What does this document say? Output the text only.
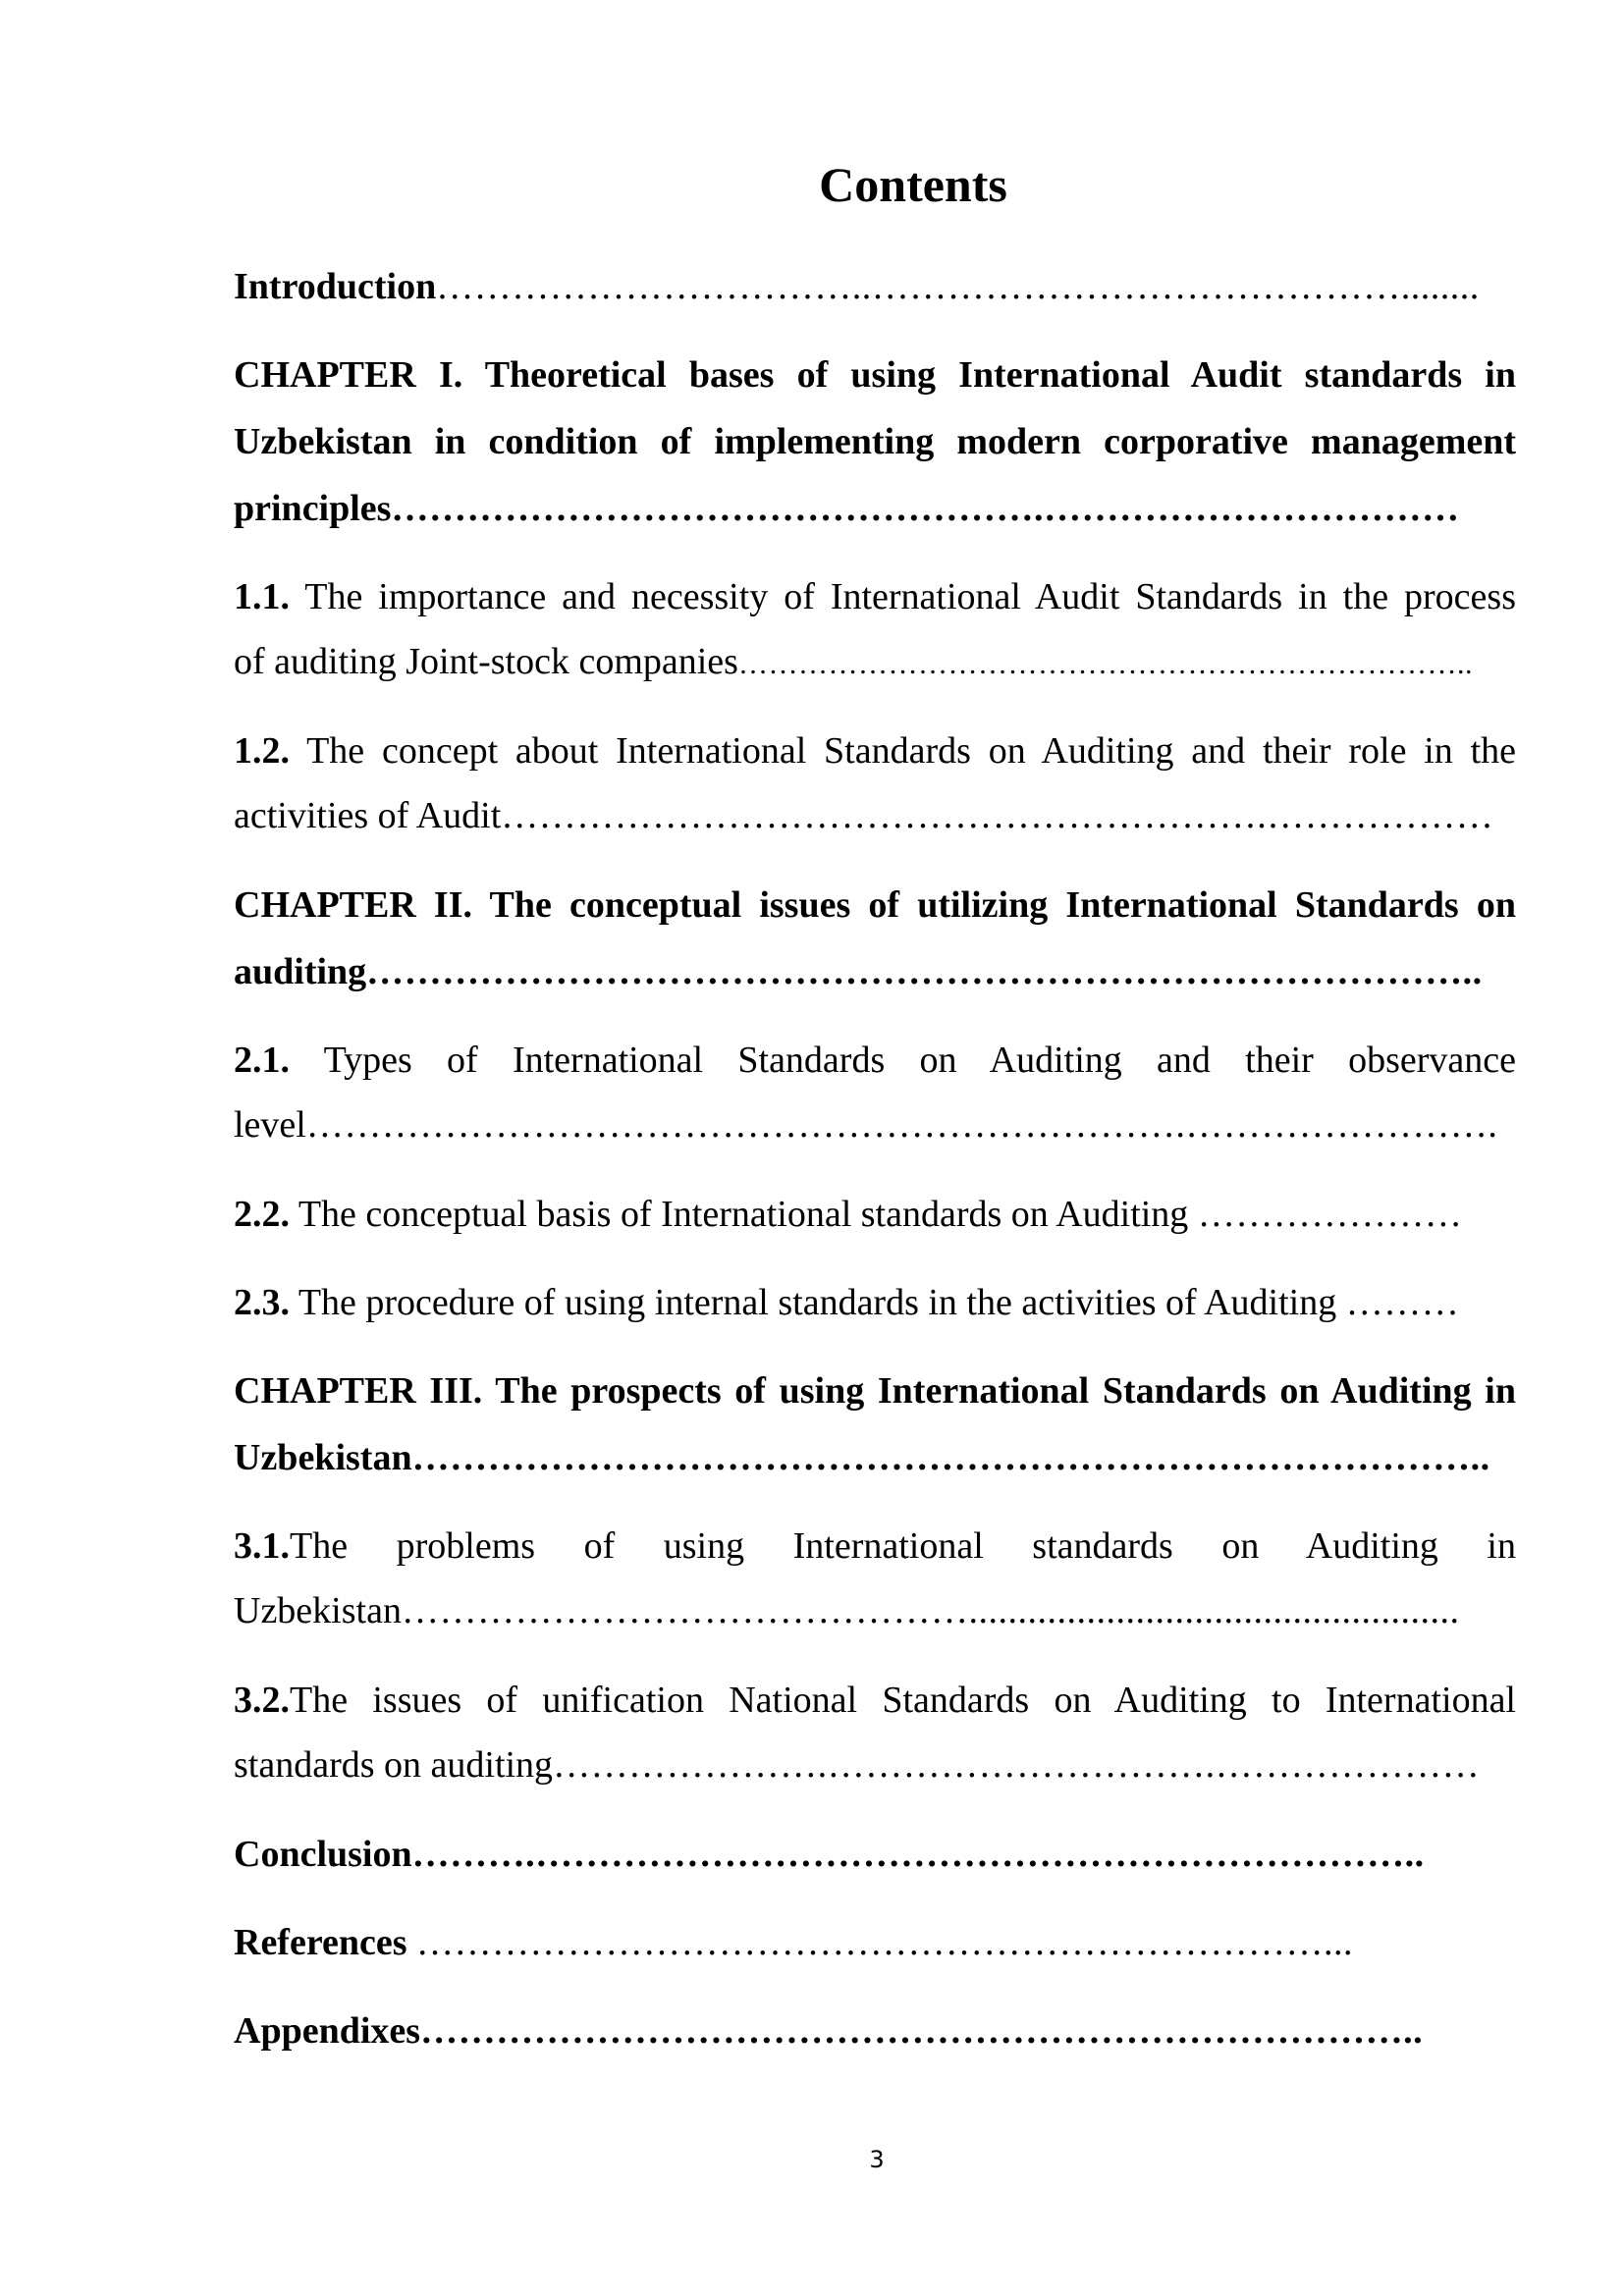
Contents
Introduction……………………………..……………………………………........
CHAPTER I. Theoretical bases of using International Audit standards in
Uzbekistan in condition of implementing modern corporative management
principles…………………………………………….……………………………
1.1. The importance and necessity of International Audit Standards in the process
of auditing Joint-stock companies………………………………………………………………..
1.2. The concept about International Standards on Auditing and their role in the
activities of Audit…………………………………………………….………………
CHAPTER II. The conceptual issues of utilizing International Standards on
auditing……………………………………………………………………………..
2.1. Types of International Standards on Auditing and their observance
level…………………………………………………………….…………………….
2.2. The conceptual basis of International standards on Auditing …………………
2.3. The procedure of using internal standards in the activities of Auditing ………
CHAPTER III. The prospects of using International Standards on Auditing in
Uzbekistan…………………………………………………………………………..
3.1.The problems of using International standards on Auditing in
Uzbekistan………………………………………..................................................
3.2.The issues of unification National Standards on Auditing to International
standards on auditing………………….………………………….…………………
Conclusion……….……………………………………………………………..
References ………………………………………………………………...
Appendixes……………………………………………………………………..
3
